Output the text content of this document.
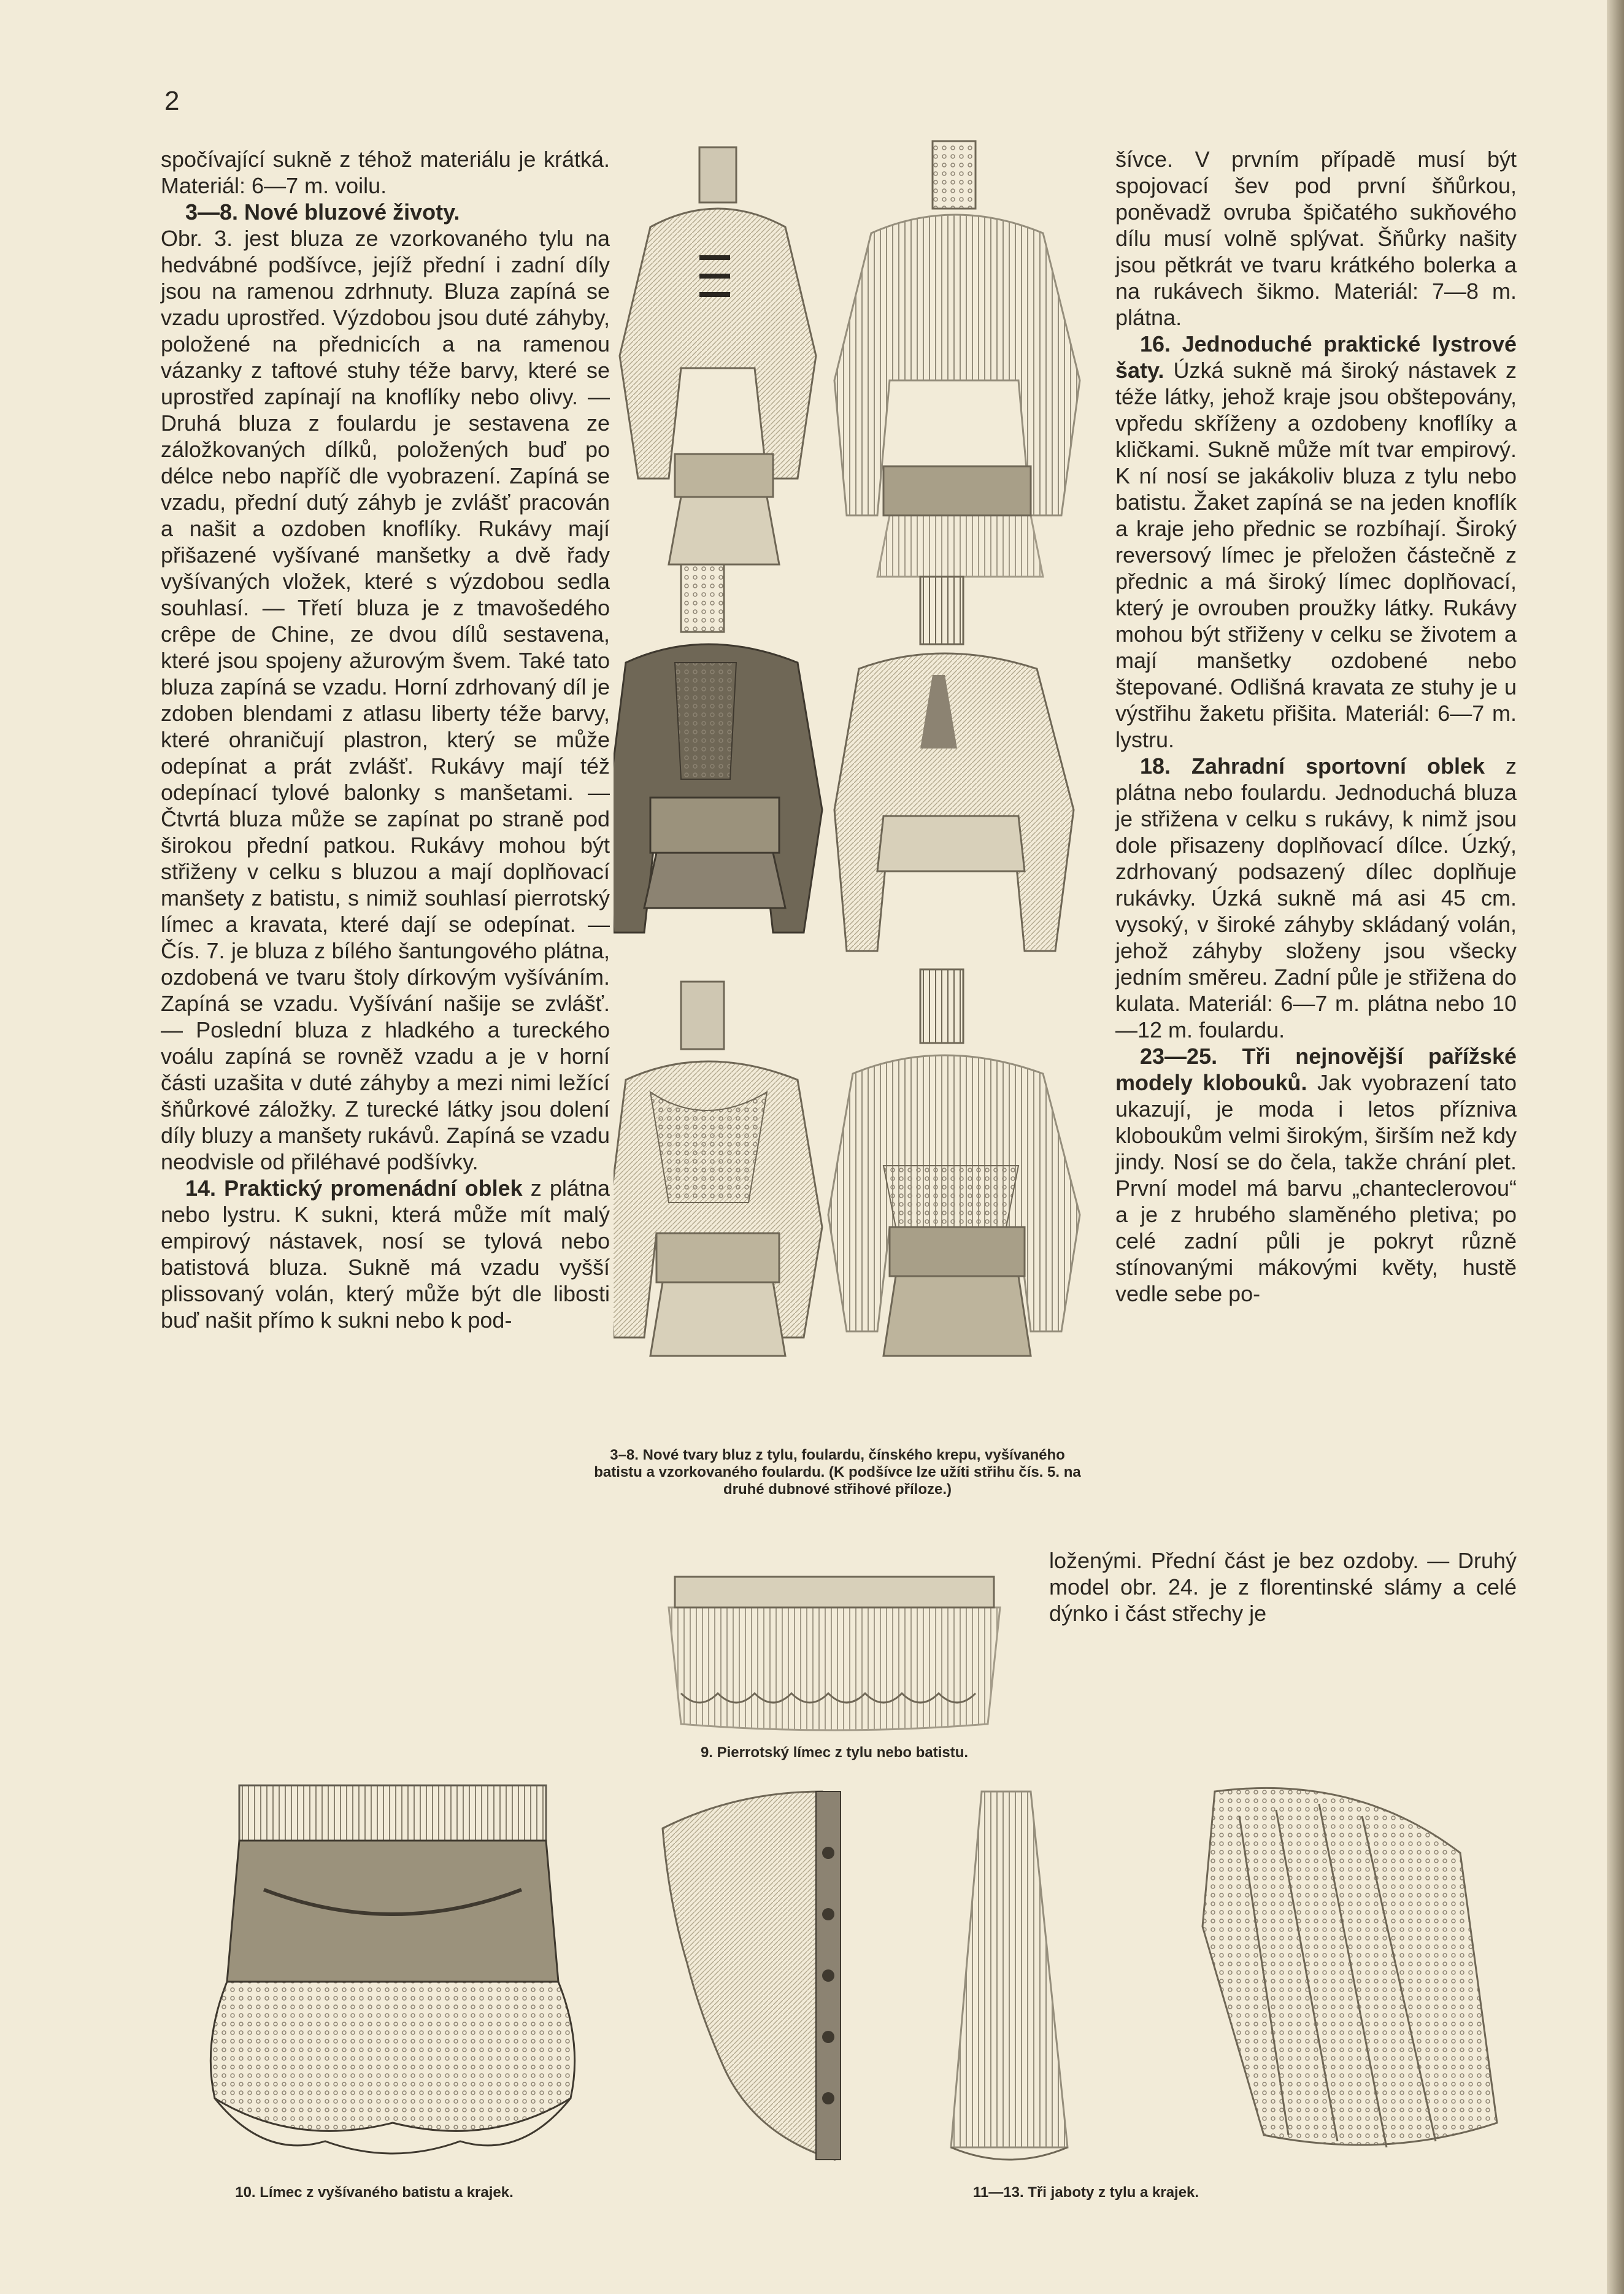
2

spočívající sukně z téhož materiálu je krátká. Materiál: 6—7 m. voilu.

3—8. Nové bluzové životy.
Obr. 3. jest bluza ze vzorkovaného tylu na hedvábné podšívce, jejíž přední i zadní díly jsou na ramenou zdrhnuty. Bluza zapíná se vzadu uprostřed. Výzdobou jsou duté záhyby, položené na přednicích a na ramenou vázanky z taftové stuhy téže barvy, které se uprostřed zapínají na knoflíky nebo olivy. — Druhá bluza z foulardu je sestavena ze záložkovaných dílků, položených buď po délce nebo napříč dle vyobrazení. Zapíná se vzadu, přední dutý záhyb je zvlášť pracován a našit a ozdoben knoflíky. Rukávy mají přišazené vyšívané manšetky a dvě řady vyšívaných vložek, které s výzdobou sedla souhlasí. — Třetí bluza je z tmavošedého crêpe de Chine, ze dvou dílů sestavena, které jsou spojeny ažurovým švem. Také tato bluza zapíná se vzadu. Horní zdrhovaný díl je zdoben blendami z atlasu liberty téže barvy, které ohraničují plastron, který se může odepínat a prát zvlášť. Rukávy mají též odepínací tylové balonky s manšetami. — Čtvrtá bluza může se zapínat po straně pod širokou přední patkou. Rukávy mohou být střiženy v celku s bluzou a mají doplňovací manšety z batistu, s nimiž souhlasí pierrotský límec a kravata, které dají se odepínat. — Čís. 7. je bluza z bílého šantungového plátna, ozdobená ve tvaru štoly dírkovým vyšíváním. Zapíná se vzadu. Vyšívání našije se zvlášť. — Poslední bluza z hladkého a tureckého voálu zapíná se rovněž vzadu a je v horní části uzašita v duté záhyby a mezi nimi ležící šňůrkové záložky. Z turecké látky jsou dolení díly bluzy a manšety rukávů. Zapíná se vzadu neodvisle od přiléhavé podšívky.

14. Praktický promenádní oblek z plátna nebo lystru. K sukni, která může mít malý empirový nástavek, nosí se tylová nebo batistová bluza. Sukně má vzadu vyšší plissovaný volán, který může být dle libosti buď našit přímo k sukni nebo k pod-

šívce. V prvním případě musí být spojovací šev pod první šňůrkou, poněvadž ovruba špičatého sukňového dílu musí volně splývat. Šňůrky našity jsou pětkrát ve tvaru krátkého bolerka a na rukávech šikmo. Materiál: 7—8 m. plátna.

16. Jednoduché praktické lystrové šaty. Úzká sukně má široký nástavek z téže látky, jehož kraje jsou obštepovány, vpředu skříženy a ozdobeny knoflíky a kličkami. Sukně může mít tvar empirový. K ní nosí se jakákoliv bluza z tylu nebo batistu. Žaket zapíná se na jeden knoflík a kraje jeho přednic se rozbíhají. Široký reversový límec je přeložen částečně z přednic a má široký límec doplňovací, který je ovrouben proužky látky. Rukávy mohou být střiženy v celku se životem a mají manšetky ozdobené nebo štepované. Odlišná kravata ze stuhy je u výstřihu žaketu přišita. Materiál: 6—7 m. lystru.

18. Zahradní sportovní oblek z plátna nebo foulardu. Jednoduchá bluza je střižena v celku s rukávy, k nimž jsou dole přisazeny doplňovací dílce. Úzký, zdrhovaný podsazený dílec doplňuje rukávky. Úzká sukně má asi 45 cm. vysoký, v široké záhyby skládaný volán, jehož záhyby složeny jsou všecky jedním směreu. Zadní půle je střižena do kulata. Materiál: 6—7 m. plátna nebo 10—12 m. foulardu.

23—25. Tři nejnovější pařížské modely klobouků. Jak vyobrazení tato ukazují, je moda i letos přízniva kloboukům velmi širokým, širším než kdy jindy. Nosí se do čela, takže chrání plet. První model má barvu „chanteclerovou“ a je z hrubého slaměného pletiva; po celé zadní půli je pokryt různě stínovanými mákovými květy, hustě vedle sebe po-

loženými. Přední část je bez ozdoby. — Druhý model obr. 24. je z florentinské slámy a celé dýnko i část střechy je

3–8. Nové tvary bluz z tylu, foulardu, čínského krepu, vyšívaného batistu a vzorkovaného foulardu. (K podšívce lze užíti střihu čís. 5. na druhé dubnové střihové příloze.)
9. Pierrotský límec z tylu nebo batistu.
10. Límec z vyšívaného batistu a krajek.	11—13. Tři jaboty z tylu a krajek.
